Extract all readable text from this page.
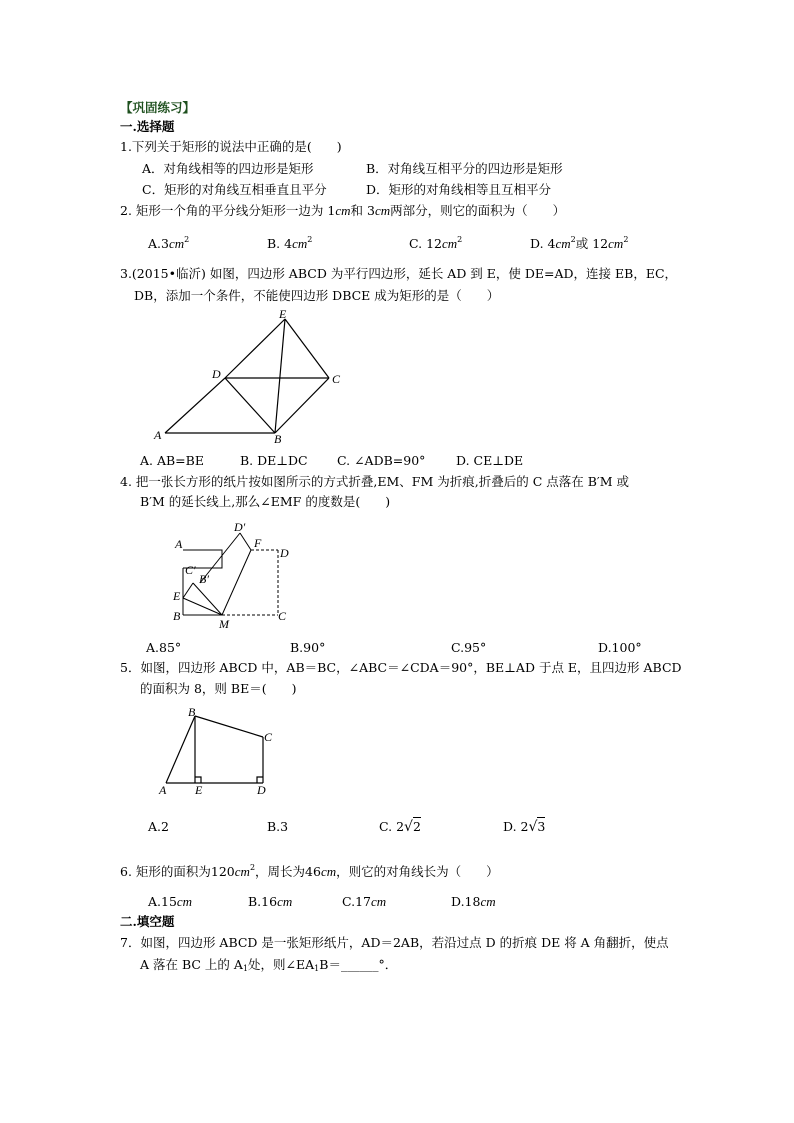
【巩固练习】
一.选择题
1.下列关于矩形的说法中正确的是(　　)
A．对角线相等的四边形是矩形	B．对角线互相平分的四边形是矩形
C．矩形的对角线互相垂直且平分	D．矩形的对角线相等且互相平分
2. 矩形一个角的平分线分矩形一边为 1cm和 3cm两部分，则它的面积为（　　）
$A.3cm^2$	B. $4cm^2$	C. $12cm^2$	D. $4cm^2$或 $12cm^2$
3.(2015•临沂) 如图，四边形 ABCD 为平行四边形，延长 AD 到 E，使 DE=AD，连接 EB，EC，
DB，添加一个条件，不能使四边形 DBCE 成为矩形的是（　　）
E
D	C
A	B
A. AB=BE	B. DE⊥DC C. ∠ADB=90° D. CE⊥DE
4. 把一张长方形的纸片按如图所示的方式折叠,EM、FM 为折痕,折叠后的 C 点落在 B′M 或
B′M 的延长线上,那么∠EMF 的度数是(　　)
A
D′
F
D
C′
B′
E
B
M
C
A.85°	B.90°	C.95°	D.100°
5．如图，四边形 ABCD 中，AB＝BC，∠ABC＝∠CDA＝90°，BE⊥AD 于点 E，且四边形 ABCD
的面积为 8，则 BE＝(　　)
B
C
A E	D
A.2	B.3	C. 2√2	D. 2√3
6. 矩形的面积为$120cm^2$，周长为46cm，则它的对角线长为（　　）
A.15cm	B.16cm	C.17cm	D.18cm
二.填空题
7．如图，四边形 ABCD 是一张矩形纸片，AD＝2AB，若沿过点 D 的折痕 DE 将 A 角翻折，使点
A 落在 BC 上的 $A_1$处，则$\angle EA_1B=\_\_\_\_\_\_^\circ$．
